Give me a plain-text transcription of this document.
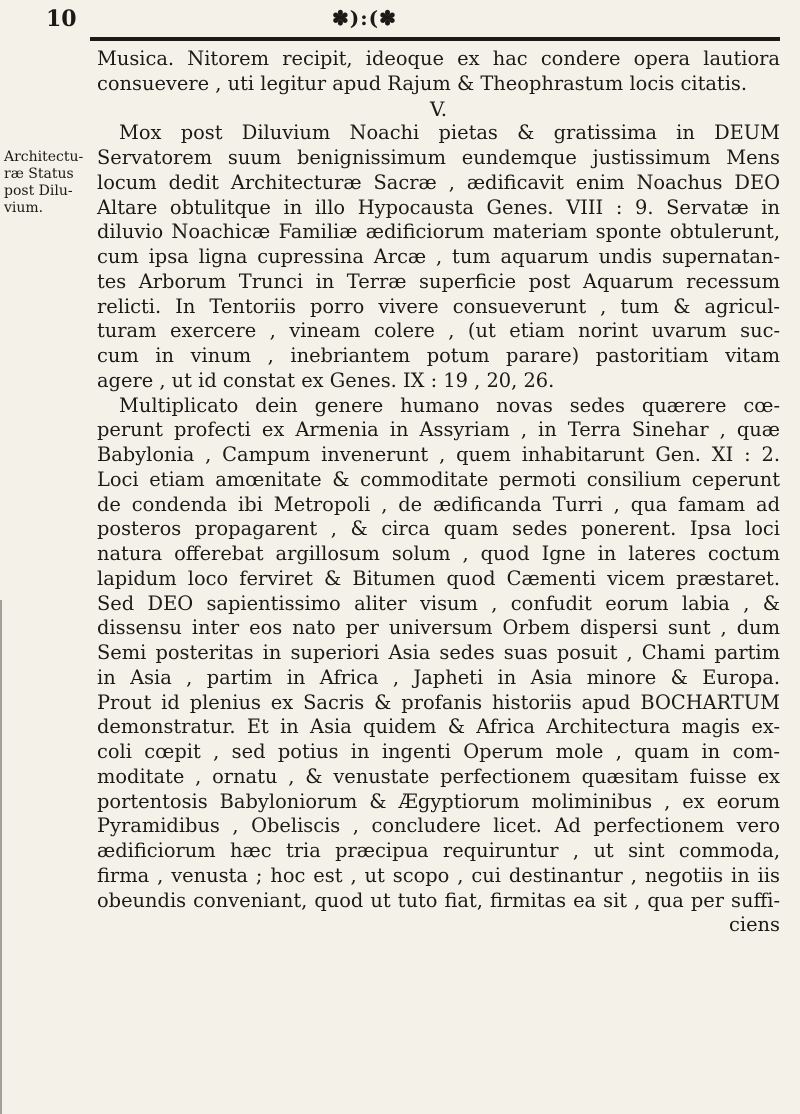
10	✽):(✽
Architectu-
ræ Status
post Dilu-
vium.
Musica. Nitorem recipit, ideoque ex hac condere opera lautiora
consuevere , uti legitur apud Rajum & Theophrastum locis citatis.
V.
Mox post Diluvium Noachi pietas & gratissima in DEUM
Servatorem suum benignissimum eundemque justissimum Mens
locum dedit Architecturæ Sacræ , ædificavit enim Noachus DEO
Altare obtulitque in illo Hypocausta Genes. VIII : 9. Servatæ in
diluvio Noachicæ Familiæ ædificiorum materiam sponte obtulerunt,
cum ipsa ligna cupressina Arcæ , tum aquarum undis supernatan-
tes Arborum Trunci in Terræ superficie post Aquarum recessum
relicti. In Tentoriis porro vivere consueverunt , tum & agricul-
turam exercere , vineam colere , (ut etiam norint uvarum suc-
cum in vinum , inebriantem potum parare) pastoritiam vitam
agere , ut id constat ex Genes. IX : 19 , 20, 26.
Multiplicato dein genere humano novas sedes quærere cœ-
perunt profecti ex Armenia in Assyriam , in Terra Sinehar , quæ
Babylonia , Campum invenerunt , quem inhabitarunt Gen. XI : 2.
Loci etiam amœnitate & commoditate permoti consilium ceperunt
de condenda ibi Metropoli , de ædificanda Turri , qua famam ad
posteros propagarent , & circa quam sedes ponerent. Ipsa loci
natura offerebat argillosum solum , quod Igne in lateres coctum
lapidum loco ferviret & Bitumen quod Cæmenti vicem præstaret.
Sed DEO sapientissimo aliter visum , confudit eorum labia , &
dissensu inter eos nato per universum Orbem dispersi sunt , dum
Semi posteritas in superiori Asia sedes suas posuit , Chami partim
in Asia , partim in Africa , Japheti in Asia minore & Europa.
Prout id plenius ex Sacris & profanis historiis apud BOCHARTUM
demonstratur. Et in Asia quidem & Africa Architectura magis ex-
coli cœpit , sed potius in ingenti Operum mole , quam in com-
moditate , ornatu , & venustate perfectionem quæsitam fuisse ex
portentosis Babyloniorum & Ægyptiorum moliminibus , ex eorum
Pyramidibus , Obeliscis , concludere licet. Ad perfectionem vero
ædificiorum hæc tria præcipua requiruntur , ut sint commoda,
firma , venusta ; hoc est , ut scopo , cui destinantur , negotiis in iis
obeundis conveniant, quod ut tuto fiat, firmitas ea sit , qua per suffi-
ciens
